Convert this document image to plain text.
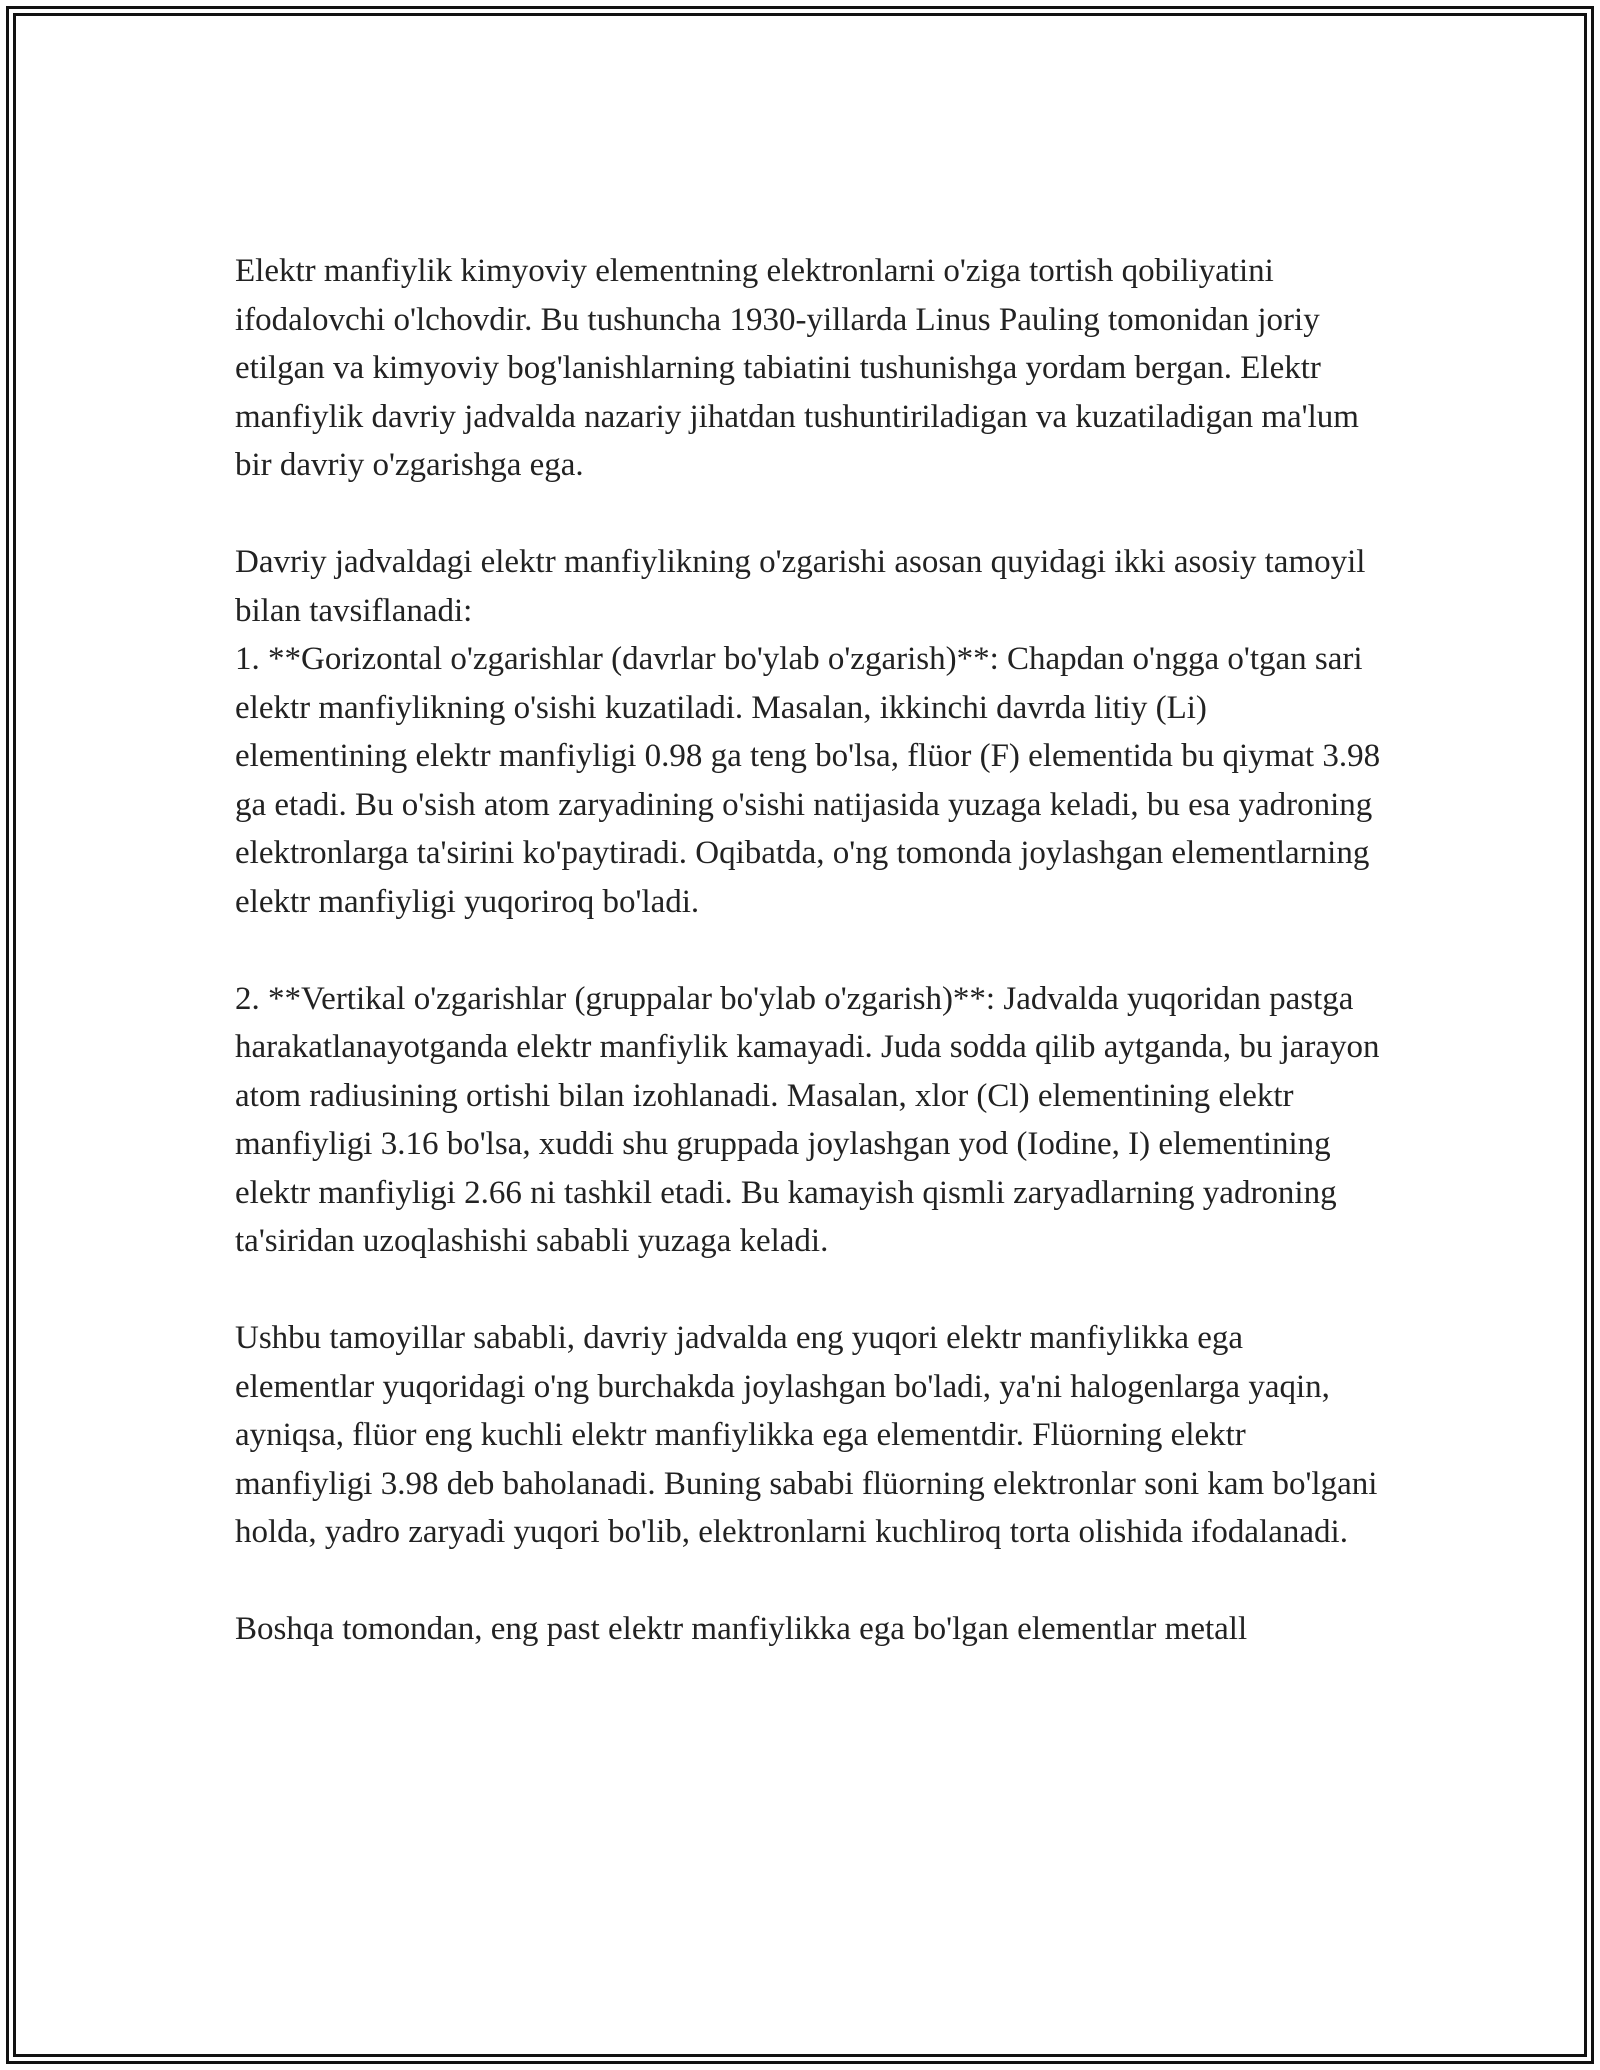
Elektr manfiylik kimyoviy elementning elektronlarni o'ziga tortish qobiliyatini ifodalovchi o'lchovdir. Bu tushuncha 1930-yillarda Linus Pauling tomonidan joriy etilgan va kimyoviy bog'lanishlarning tabiatini tushunishga yordam bergan. Elektr manfiylik davriy jadvalda nazariy jihatdan tushuntiriladigan va kuzatiladigan ma'lum bir davriy o'zgarishga ega.

Davriy jadvaldagi elektr manfiylikning o'zgarishi asosan quyidagi ikki asosiy tamoyil bilan tavsiflanadi:

1. **Gorizontal o'zgarishlar (davrlar bo'ylab o'zgarish)**: Chapdan o'ngga o'tgan sari elektr manfiylikning o'sishi kuzatiladi. Masalan, ikkinchi davrda litiy (Li) elementining elektr manfiyligi 0.98 ga teng bo'lsa, flüor (F) elementida bu qiymat 3.98 ga etadi. Bu o'sish atom zaryadining o'sishi natijasida yuzaga keladi, bu esa yadroning elektronlarga ta'sirini ko'paytiradi. Oqibatda, o'ng tomonda joylashgan elementlarning elektr manfiyligi yuqoriroq bo'ladi.

2. **Vertikal o'zgarishlar (gruppalar bo'ylab o'zgarish)**: Jadvalda yuqoridan pastga harakatlanayotganda elektr manfiylik kamayadi. Juda sodda qilib aytganda, bu jarayon atom radiusining ortishi bilan izohlanadi. Masalan, xlor (Cl) elementining elektr manfiyligi 3.16 bo'lsa, xuddi shu gruppada joylashgan yod (Iodine, I) elementining elektr manfiyligi 2.66 ni tashkil etadi. Bu kamayish qismli zaryadlarning yadroning ta'siridan uzoqlashishi sababli yuzaga keladi.

Ushbu tamoyillar sababli, davriy jadvalda eng yuqori elektr manfiylikka ega elementlar yuqoridagi o'ng burchakda joylashgan bo'ladi, ya'ni halogenlarga yaqin, ayniqsa, flüor eng kuchli elektr manfiylikka ega elementdir. Flüorning elektr manfiyligi 3.98 deb baholanadi. Buning sababi flüorning elektronlar soni kam bo'lgani holda, yadro zaryadi yuqori bo'lib, elektronlarni kuchliroq torta olishida ifodalanadi.

Boshqa tomondan, eng past elektr manfiylikka ega bo'lgan elementlar metall
